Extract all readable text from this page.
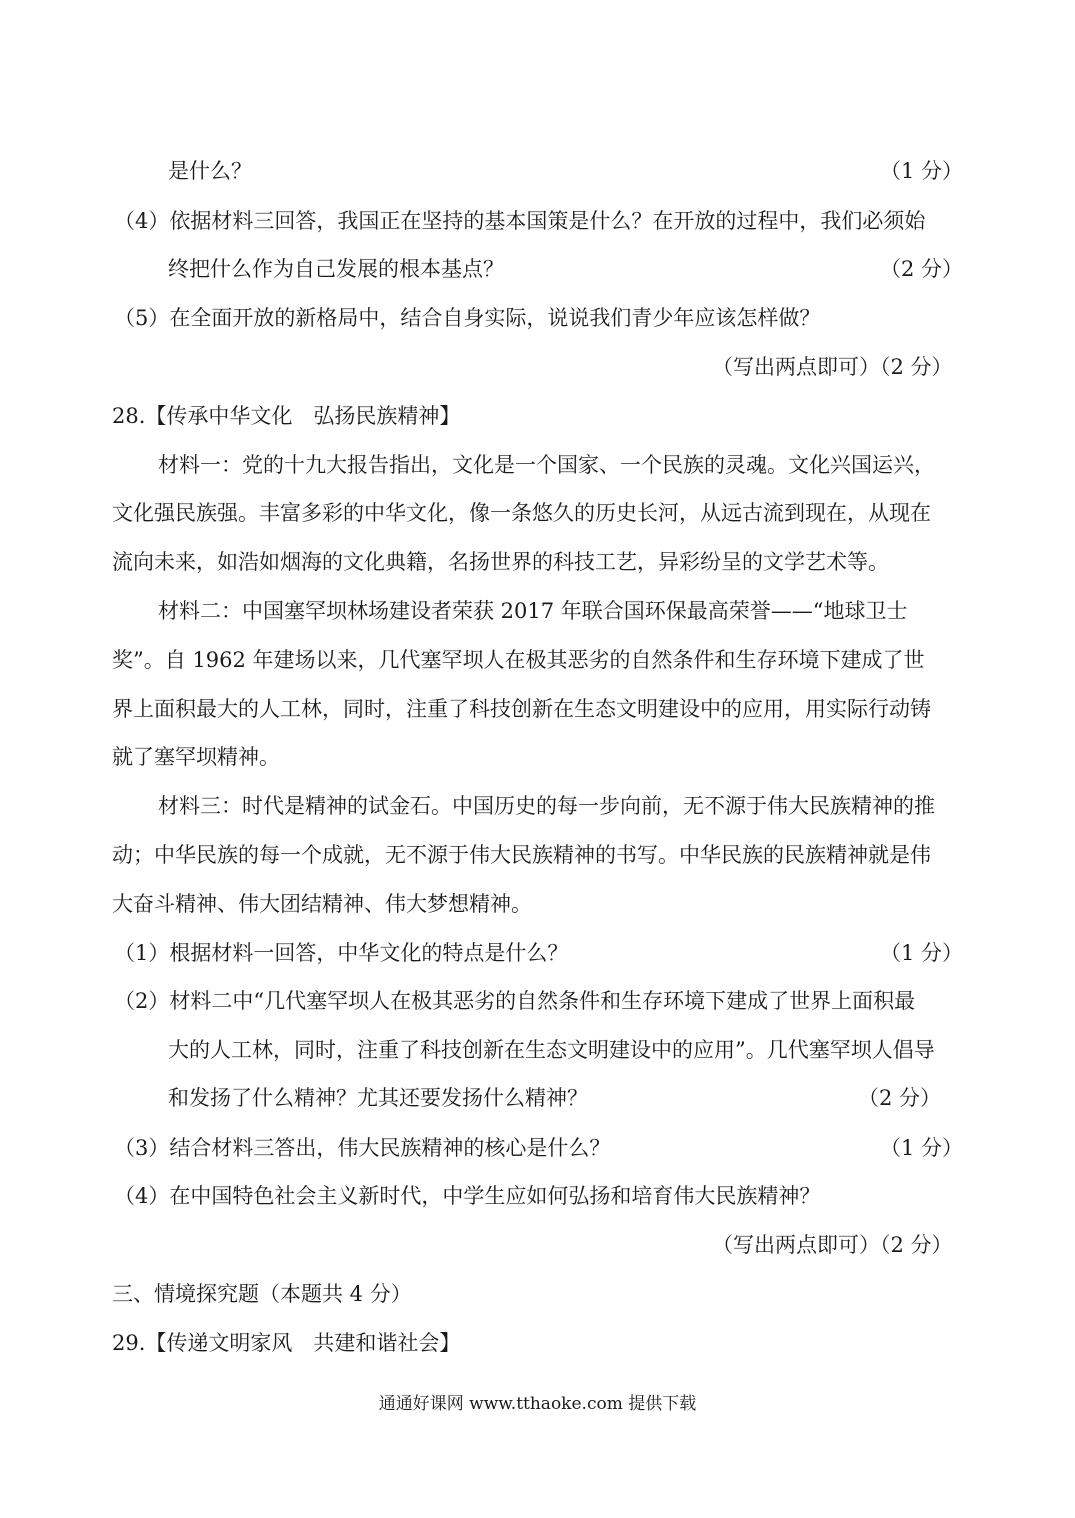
是什么？	（1 分）
（4）依据材料三回答，我国正在坚持的基本国策是什么？在开放的过程中，我们必须始
终把什么作为自己发展的根本基点？	（2 分）
（5）在全面开放的新格局中，结合自身实际，说说我们青少年应该怎样做？
（写出两点即可）（2 分）
28.【传承中华文化　弘扬民族精神】
材料一：党的十九大报告指出，文化是一个国家、一个民族的灵魂。文化兴国运兴，
文化强民族强。丰富多彩的中华文化，像一条悠久的历史长河，从远古流到现在，从现在
流向未来，如浩如烟海的文化典籍，名扬世界的科技工艺，异彩纷呈的文学艺术等。
材料二：中国塞罕坝林场建设者荣获 2017 年联合国环保最高荣誉——“地球卫士
奖”。自 1962 年建场以来，几代塞罕坝人在极其恶劣的自然条件和生存环境下建成了世
界上面积最大的人工林，同时，注重了科技创新在生态文明建设中的应用，用实际行动铸
就了塞罕坝精神。
材料三：时代是精神的试金石。中国历史的每一步向前，无不源于伟大民族精神的推
动；中华民族的每一个成就，无不源于伟大民族精神的书写。中华民族的民族精神就是伟
大奋斗精神、伟大团结精神、伟大梦想精神。
（1）根据材料一回答，中华文化的特点是什么？	（1 分）
（2）材料二中“几代塞罕坝人在极其恶劣的自然条件和生存环境下建成了世界上面积最
大的人工林，同时，注重了科技创新在生态文明建设中的应用”。几代塞罕坝人倡导
和发扬了什么精神？尤其还要发扬什么精神？	（2 分）
（3）结合材料三答出，伟大民族精神的核心是什么？	（1 分）
（4）在中国特色社会主义新时代，中学生应如何弘扬和培育伟大民族精神？
（写出两点即可）（2 分）
三、情境探究题（本题共 4 分）
29.【传递文明家风　共建和谐社会】
通通好课网 www.tthaoke.com 提供下载
